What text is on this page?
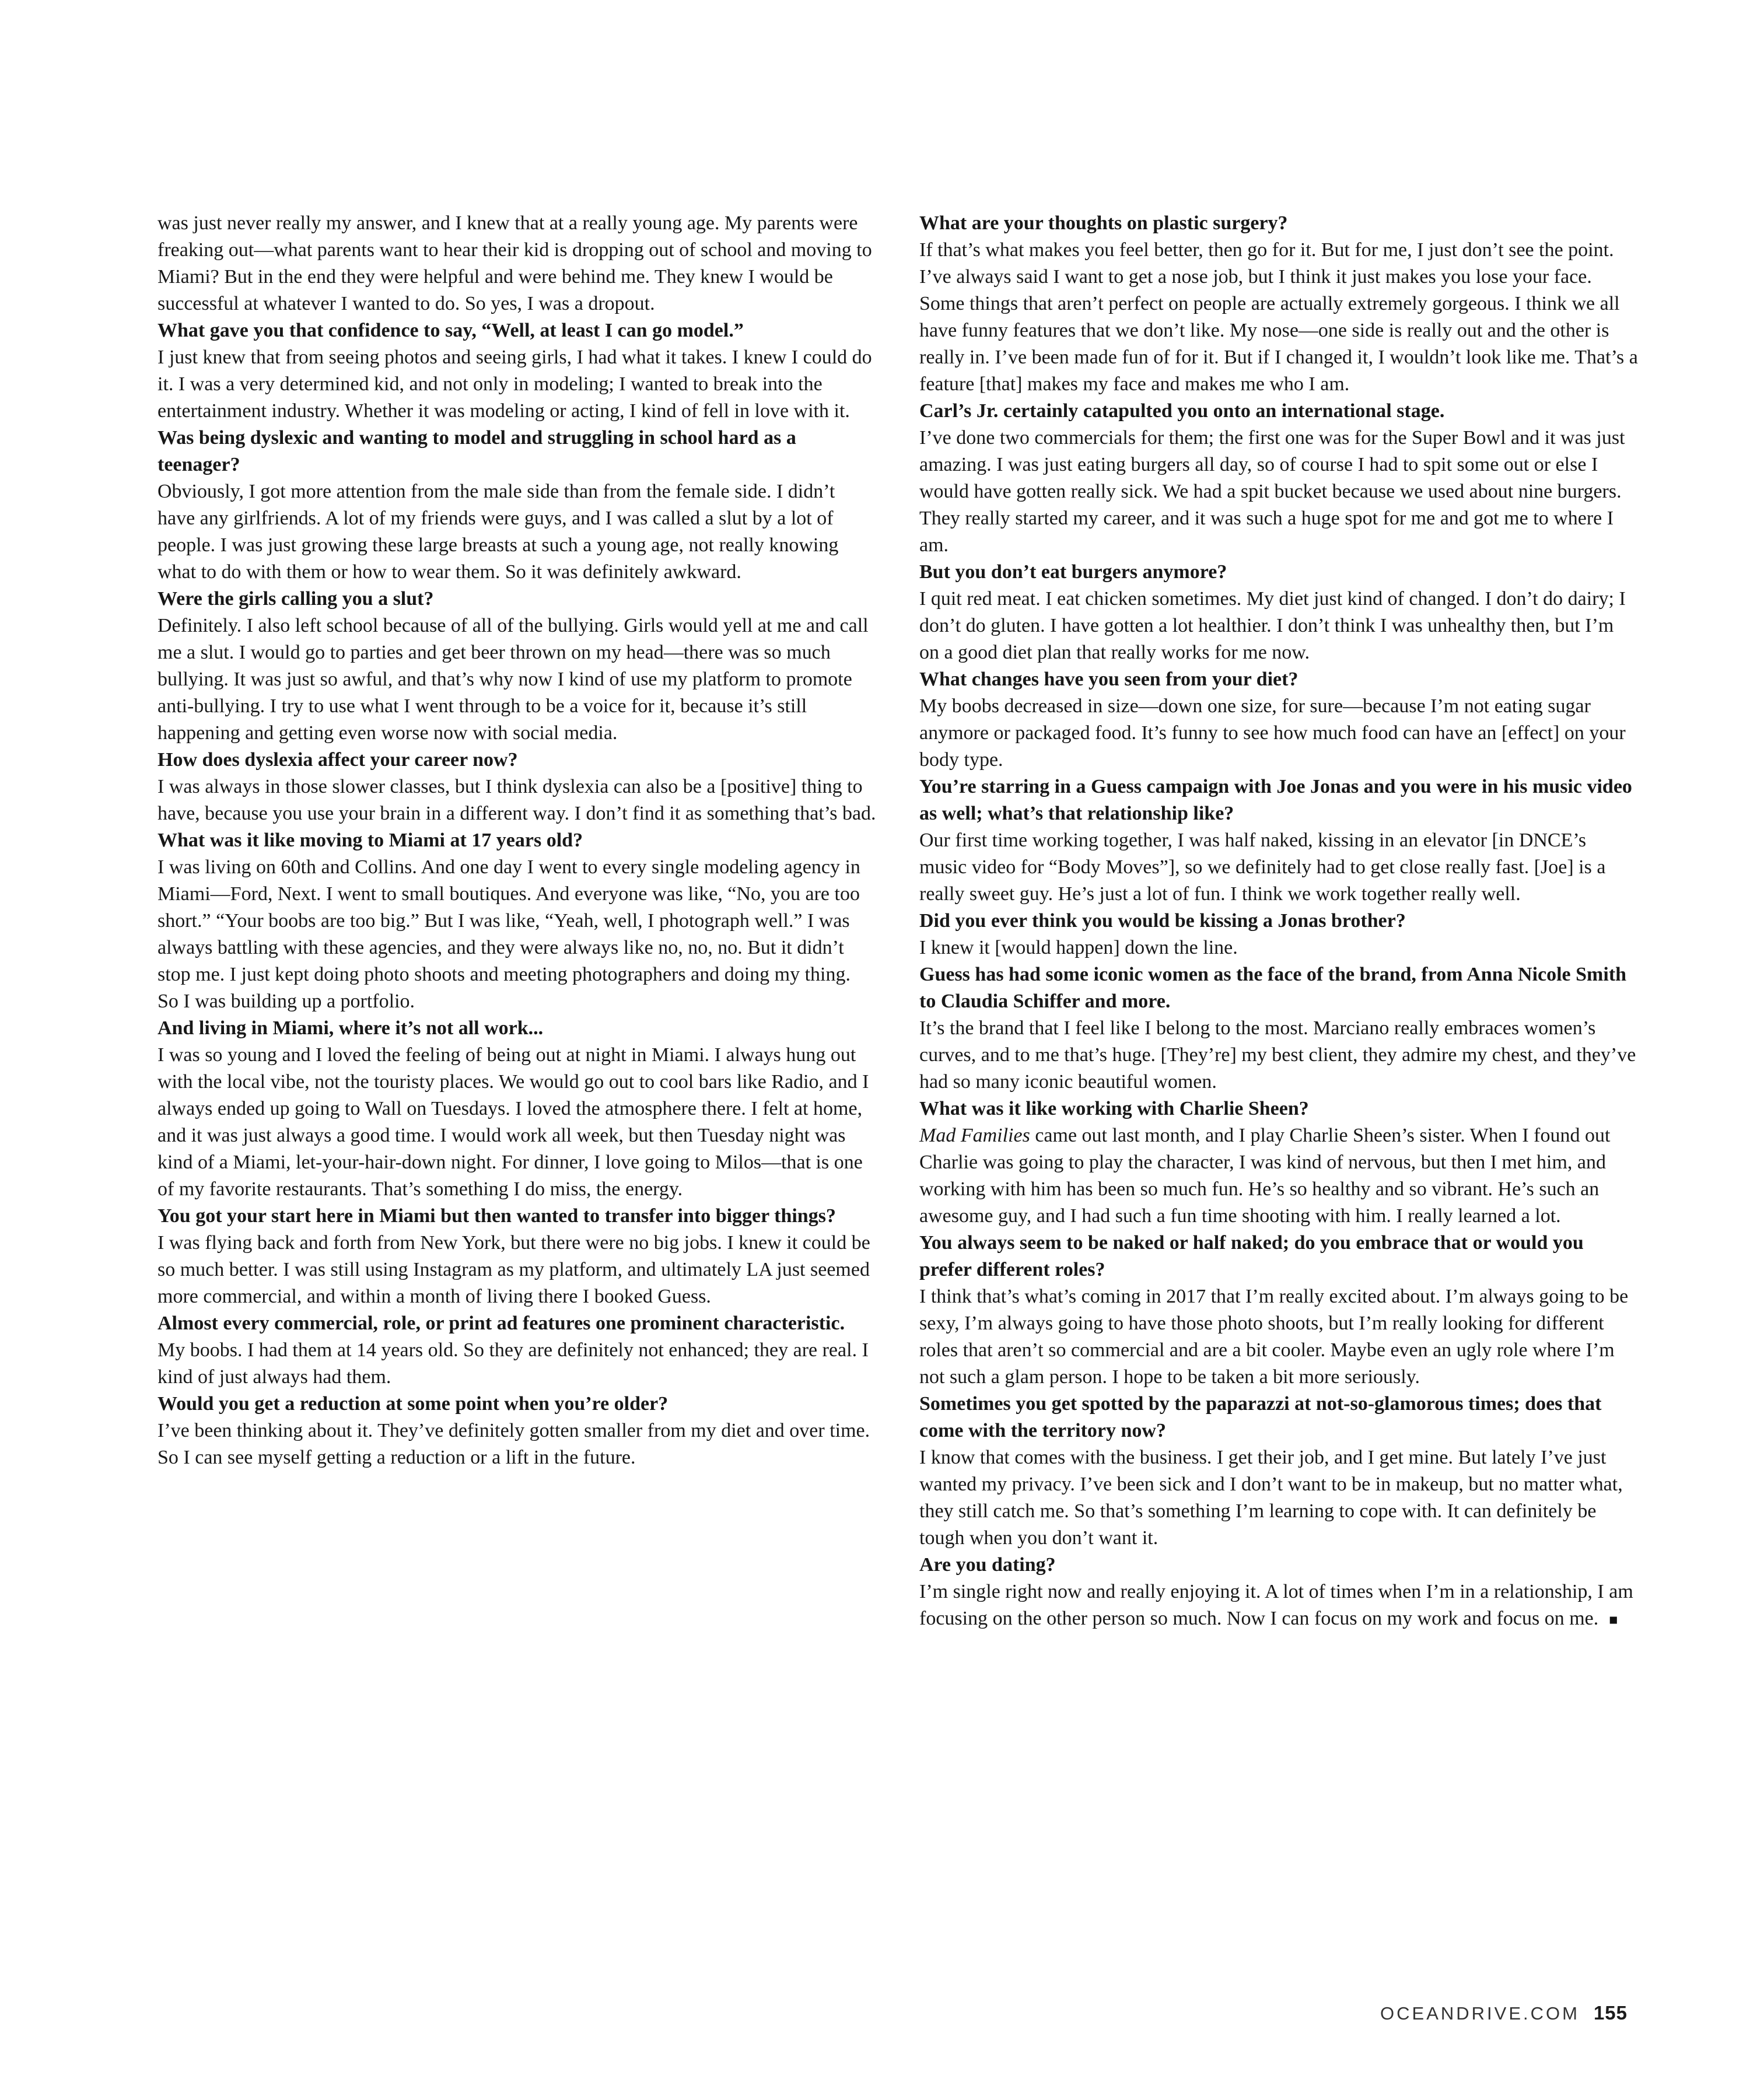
was just never really my answer, and I knew that at a really young age. My parents were freaking out—what parents want to hear their kid is dropping out of school and moving to Miami? But in the end they were helpful and were behind me. They knew I would be successful at whatever I wanted to do. So yes, I was a dropout.

What gave you that confidence to say, “Well, at least I can go model.”

I just knew that from seeing photos and seeing girls, I had what it takes. I knew I could do it. I was a very determined kid, and not only in modeling; I wanted to break into the entertainment industry. Whether it was modeling or acting, I kind of fell in love with it.

Was being dyslexic and wanting to model and struggling in school hard as a teenager?

Obviously, I got more attention from the male side than from the female side. I didn’t have any girlfriends. A lot of my friends were guys, and I was called a slut by a lot of people. I was just growing these large breasts at such a young age, not really knowing what to do with them or how to wear them. So it was definitely awkward.

Were the girls calling you a slut?

Definitely. I also left school because of all of the bullying. Girls would yell at me and call me a slut. I would go to parties and get beer thrown on my head—there was so much bullying. It was just so awful, and that’s why now I kind of use my platform to promote anti-bullying. I try to use what I went through to be a voice for it, because it’s still happening and getting even worse now with social media.

How does dyslexia affect your career now?

I was always in those slower classes, but I think dyslexia can also be a [positive] thing to have, because you use your brain in a different way. I don’t find it as something that’s bad.

What was it like moving to Miami at 17 years old?

I was living on 60th and Collins. And one day I went to every single modeling agency in Miami—Ford, Next. I went to small boutiques. And everyone was like, “No, you are too short.” “Your boobs are too big.” But I was like, “Yeah, well, I photograph well.” I was always battling with these agencies, and they were always like no, no, no. But it didn’t stop me. I just kept doing photo shoots and meeting photographers and doing my thing. So I was building up a portfolio.

And living in Miami, where it’s not all work...

I was so young and I loved the feeling of being out at night in Miami. I always hung out with the local vibe, not the touristy places. We would go out to cool bars like Radio, and I always ended up going to Wall on Tuesdays. I loved the atmosphere there. I felt at home, and it was just always a good time. I would work all week, but then Tuesday night was kind of a Miami, let-your-hair-down night. For dinner, I love going to Milos—that is one of my favorite restaurants. That’s something I do miss, the energy.

You got your start here in Miami but then wanted to transfer into bigger things?

I was flying back and forth from New York, but there were no big jobs. I knew it could be so much better. I was still using Instagram as my platform, and ultimately LA just seemed more commercial, and within a month of living there I booked Guess.

Almost every commercial, role, or print ad features one prominent characteristic.

My boobs. I had them at 14 years old. So they are definitely not enhanced; they are real. I kind of just always had them.

Would you get a reduction at some point when you’re older?

I’ve been thinking about it. They’ve definitely gotten smaller from my diet and over time. So I can see myself getting a reduction or a lift in the future.

What are your thoughts on plastic surgery?

If that’s what makes you feel better, then go for it. But for me, I just don’t see the point. I’ve always said I want to get a nose job, but I think it just makes you lose your face. Some things that aren’t perfect on people are actually extremely gorgeous. I think we all have funny features that we don’t like. My nose—one side is really out and the other is really in. I’ve been made fun of for it. But if I changed it, I wouldn’t look like me. That’s a feature [that] makes my face and makes me who I am.

Carl’s Jr. certainly catapulted you onto an international stage.

I’ve done two commercials for them; the first one was for the Super Bowl and it was just amazing. I was just eating burgers all day, so of course I had to spit some out or else I would have gotten really sick. We had a spit bucket because we used about nine burgers. They really started my career, and it was such a huge spot for me and got me to where I am.

But you don’t eat burgers anymore?

I quit red meat. I eat chicken sometimes. My diet just kind of changed. I don’t do dairy; I don’t do gluten. I have gotten a lot healthier. I don’t think I was unhealthy then, but I’m on a good diet plan that really works for me now.

What changes have you seen from your diet?

My boobs decreased in size—down one size, for sure—because I’m not eating sugar anymore or packaged food. It’s funny to see how much food can have an [effect] on your body type.

You’re starring in a Guess campaign with Joe Jonas and you were in his music video as well; what’s that relationship like?

Our first time working together, I was half naked, kissing in an elevator [in DNCE’s music video for “Body Moves”], so we definitely had to get close really fast. [Joe] is a really sweet guy. He’s just a lot of fun. I think we work together really well.

Did you ever think you would be kissing a Jonas brother?

I knew it [would happen] down the line.

Guess has had some iconic women as the face of the brand, from Anna Nicole Smith to Claudia Schiffer and more.

It’s the brand that I feel like I belong to the most. Marciano really embraces women’s curves, and to me that’s huge. [They’re] my best client, they admire my chest, and they’ve had so many iconic beautiful women.

What was it like working with Charlie Sheen?

Mad Families came out last month, and I play Charlie Sheen’s sister. When I found out Charlie was going to play the character, I was kind of nervous, but then I met him, and working with him has been so much fun. He’s so healthy and so vibrant. He’s such an awesome guy, and I had such a fun time shooting with him. I really learned a lot.

You always seem to be naked or half naked; do you embrace that or would you prefer different roles?

I think that’s what’s coming in 2017 that I’m really excited about. I’m always going to be sexy, I’m always going to have those photo shoots, but I’m really looking for different roles that aren’t so commercial and are a bit cooler. Maybe even an ugly role where I’m not such a glam person. I hope to be taken a bit more seriously.

Sometimes you get spotted by the paparazzi at not-so-glamorous times; does that come with the territory now?

I know that comes with the business. I get their job, and I get mine. But lately I’ve just wanted my privacy. I’ve been sick and I don’t want to be in makeup, but no matter what, they still catch me. So that’s something I’m learning to cope with. It can definitely be tough when you don’t want it.

Are you dating?

I’m single right now and really enjoying it. A lot of times when I’m in a relationship, I am focusing on the other person so much. Now I can focus on my work and focus on me. ■

OCEANDRIVE.COM 155
